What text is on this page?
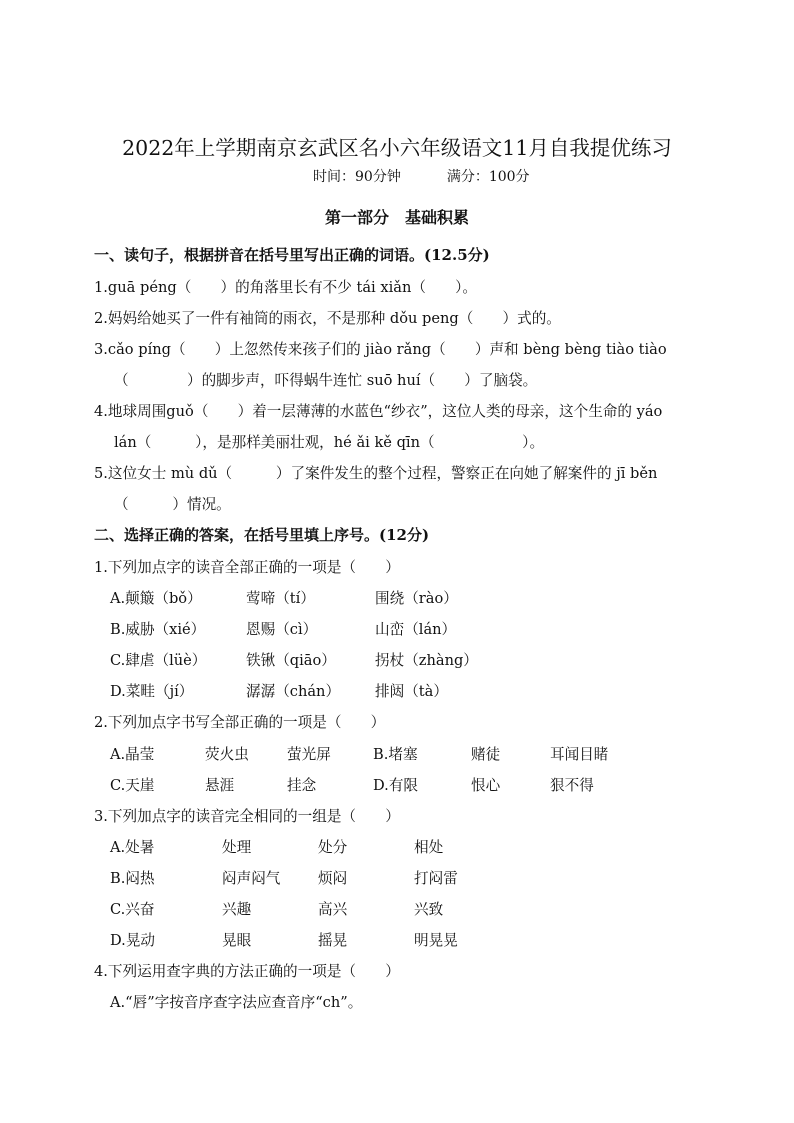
2022年上学期南京玄武区名小六年级语文11月自我提优练习
时间：90分钟	满分：100分
第一部分　基础积累
一、读句子，根据拼音在括号里写出正确的词语。(12.5分)
1.guā péng（　　）的角落里长有不少 tái xiǎn（　　）。
2.妈妈给她买了一件有袖筒的雨衣，不是那种 dǒu peng（　　）式的。
3.cǎo píng（　　）上忽然传来孩子们的 jiào rǎng（　　）声和 bèng bèng tiào tiào
（　　　　）的脚步声，吓得蜗牛连忙 suō huí（　　）了脑袋。
4.地球周围guǒ（　　）着一层薄薄的水蓝色“纱衣”，这位人类的母亲，这个生命的 yáo
lán（　　　），是那样美丽壮观，hé ǎi kě qīn（　　　　　　）。
5.这位女士 mù dǔ（　　　）了案件发生的整个过程，警察正在向她了解案件的 jī běn
（　　　）情况。
二、选择正确的答案，在括号里填上序号。(12分)
1.下列加点字的读音全部正确的一项是（　　）
A.颠簸（bǒ）	莺啼（tí）	围绕（rào）
B.威胁（xié）	恩赐（cì）	山峦（lán）
C.肆虐（lüè）	铁锹（qiāo）	拐杖（zhàng）
D.菜畦（jí）	潺潺（chán） 排闼（tà）
2.下列加点字书写全部正确的一项是（　　）
A.晶莹	荧火虫	萤光屏	B.堵塞	赌徒	耳闻目睹
C.天崖	悬涯	挂念	D.有限	恨心	狠不得
3.下列加点字的读音完全相同的一组是（　　）
A.处暑	处理	处分	相处
B.闷热	闷声闷气	烦闷	打闷雷
C.兴奋	兴趣	高兴	兴致
D.晃动	晃眼	摇晃	明晃晃
4.下列运用查字典的方法正确的一项是（　　）
A.“唇”字按音序查字法应查音序“ch”。
